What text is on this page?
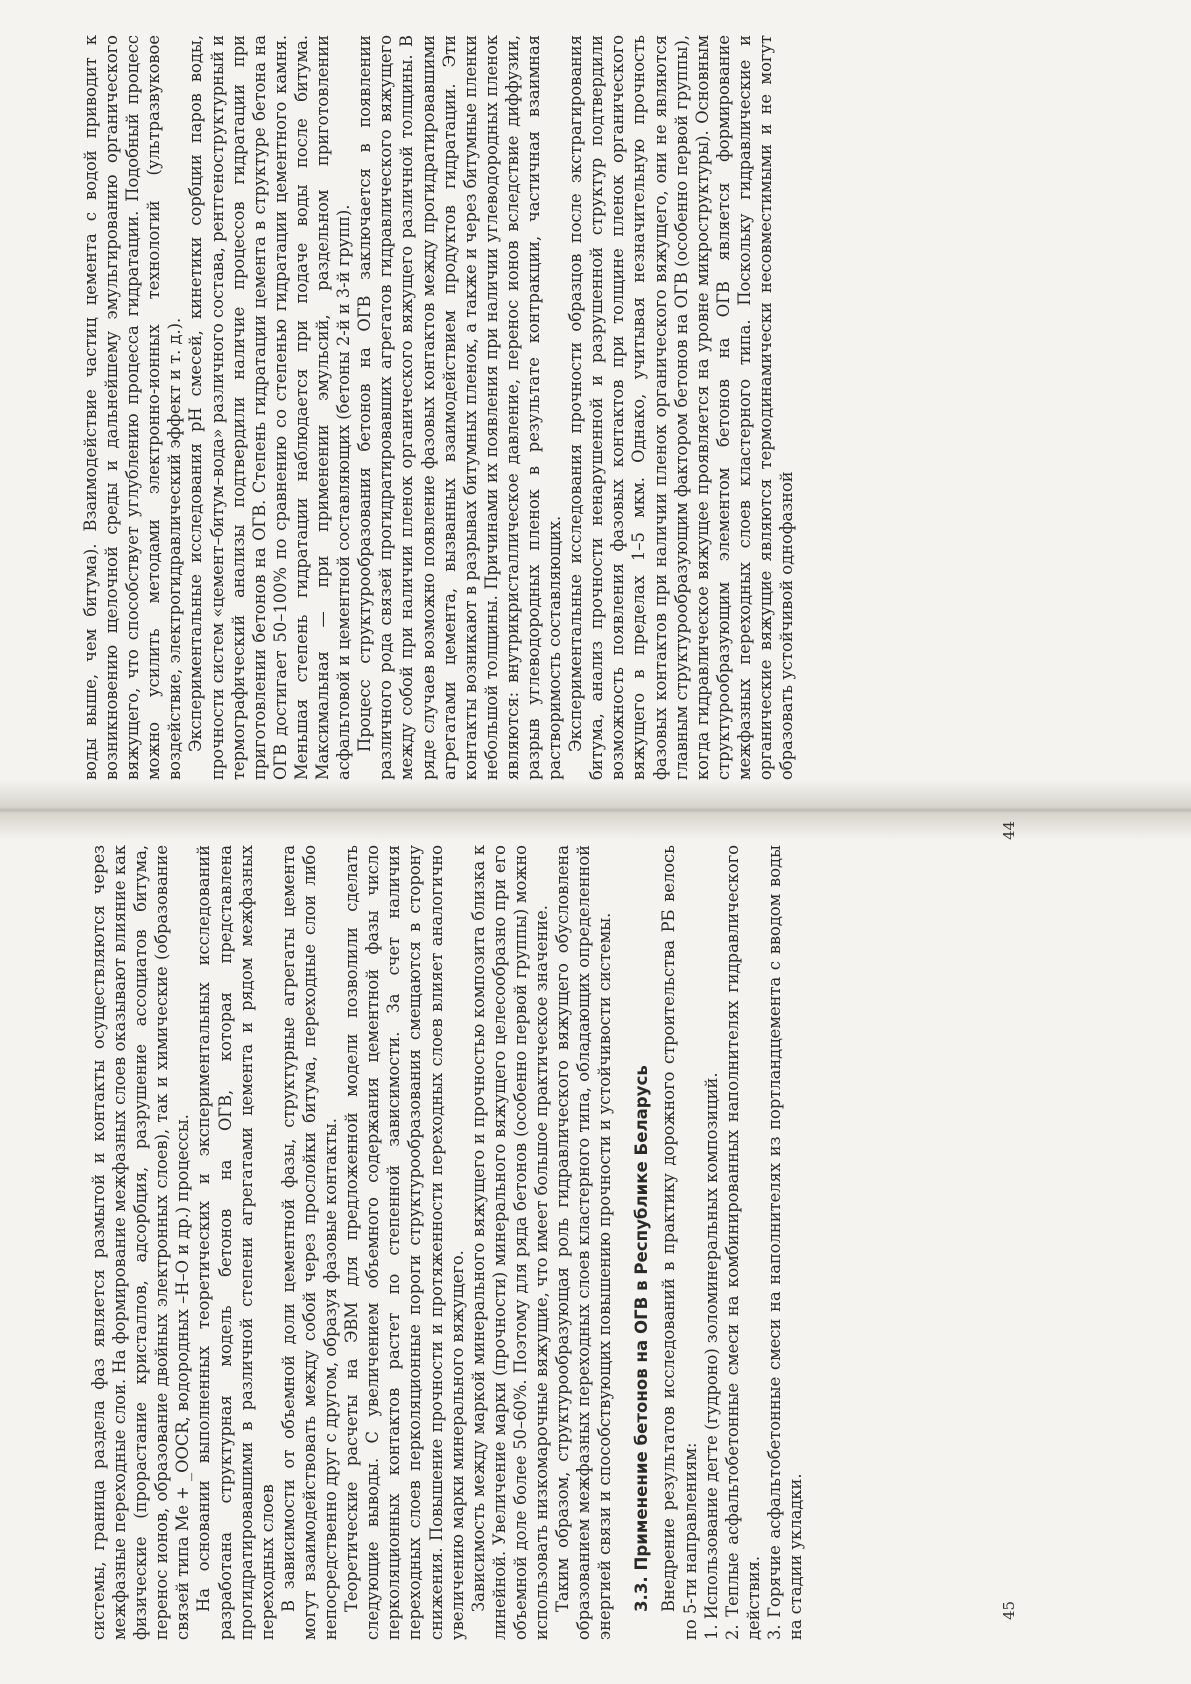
воды выше, чем битума). Взаимодействие частиц цемента с водой приводит к возникновению щелочной среды и дальнейшему эмульгированию органического вяжущего, что способствует углублению процесса гидратации. Подобный процесс можно усилить методами электронно-ионных технологий (ультразвуковое воздействие, электрогидравлический эффект и т. д.). Экспериментальные исследования pH смесей, кинетики сорбции паров воды, прочности систем «цемент–битум–вода» различного состава, рентгеноструктурный и термографический анализы подтвердили наличие процессов гидратации при приготовлении бетонов на ОГВ. Степень гидратации цемента в структуре бетона на ОГВ достигает 50–100% по сравнению со степенью гидратации цементного камня. Меньшая степень гидратации наблюдается при подаче воды после битума. Максимальная — при применении эмульсий, раздельном приготовлении асфальтовой и цементной составляющих (бетоны 2-й и 3-й групп). Процесс структурообразования бетонов на ОГВ заключается в появлении различного рода связей прогидратировавших агрегатов гидравлического вяжущего между собой при наличии пленок органического вяжущего различной толщины. В ряде случаев возможно появление фазовых контактов между прогидратировавшими агрегатами цемента, вызванных взаимодействием продуктов гидратации. Эти контакты возникают в разрывах битумных пленок, а также и через битумные пленки небольшой толщины. Причинами их появления при наличии углеводородных пленок являются: внутрикристаллическое давление, перенос ионов вследствие диффузии, разрыв углеводородных пленок в результате контракции, частичная взаимная растворимость составляющих. Экспериментальные исследования прочности образцов после экстрагирования битума, анализ прочности ненарушенной и разрушенной структур подтвердили возможность появления фазовых контактов при толщине пленок органического вяжущего в пределах 1–5 мкм. Однако, учитывая незначительную прочность фазовых контактов при наличии пленок органического вяжущего, они не являются главным структурообразующим фактором бетонов на ОГВ (особенно первой группы), когда гидравлическое вяжущее проявляется на уровне микроструктуры). Основным структурообразующим элементом бетонов на ОГВ является формирование межфазных переходных слоев кластерного типа. Поскольку гидравлические и органические вяжущие являются термодинамически несовместимыми и не могут образовать устойчивой однофазной

44

системы, граница раздела фаз является размытой и контакты осуществляются через межфазные переходные слои. На формирование межфазных слоев оказывают влияние как физические (прорастание кристаллов, адсорбция, разрушение ассоциатов битума, перенос ионов, образование двойных электронных слоев), так и химические (образование связей типа Me + _OOCR, водородных –H–O и др.) процессы. На основании выполненных теоретических и экспериментальных исследований разработана структурная модель бетонов на ОГВ, которая представлена прогидратировавшими в различной степени агрегатами цемента и рядом межфазных переходных слоев В зависимости от объемной доли цементной фазы, структурные агрегаты цемента могут взаимодействовать между собой через прослойки битума, переходные слои либо непосредственно друг с другом, образуя фазовые контакты. Теоретические расчеты на ЭВМ для предложенной модели позволили сделать следующие выводы. С увеличением объемного содержания цементной фазы число перколяционных контактов растет по степенной зависимости. За счет наличия переходных слоев перколяционные пороги структурообразования смещаются в сторону снижения. Повышение прочности и протяженности переходных слоев влияет аналогично увеличению марки минерального вяжущего. Зависимость между маркой минерального вяжущего и прочностью композита близка к линейной. Увеличение марки (прочности) минерального вяжущего целесообразно при его объемной доле более 50–60%. Поэтому для ряда бетонов (особенно первой группы) можно использовать низкомарочные вяжущие, что имеет большое практическое значение. Таким образом, структурообразующая роль гидравлического вяжущего обусловлена образованием межфазных переходных слоев кластерного типа, обладающих определенной энергией связи и способствующих повышению прочности и устойчивости системы. 3.3. Применение бетонов на ОГВ в Республике Беларусь Внедрение результатов исследований в практику дорожного строительства РБ велось по 5-ти направлениям: 1. Использование дегте (гудроно) золоминеральных композиций. 2. Теплые асфальтобетонные смеси на комбинированных наполнителях гидравлического действия. 3. Горячие асфальтобетонные смеси на наполнителях из портландцемента с вводом воды на стадии укладки.	45
